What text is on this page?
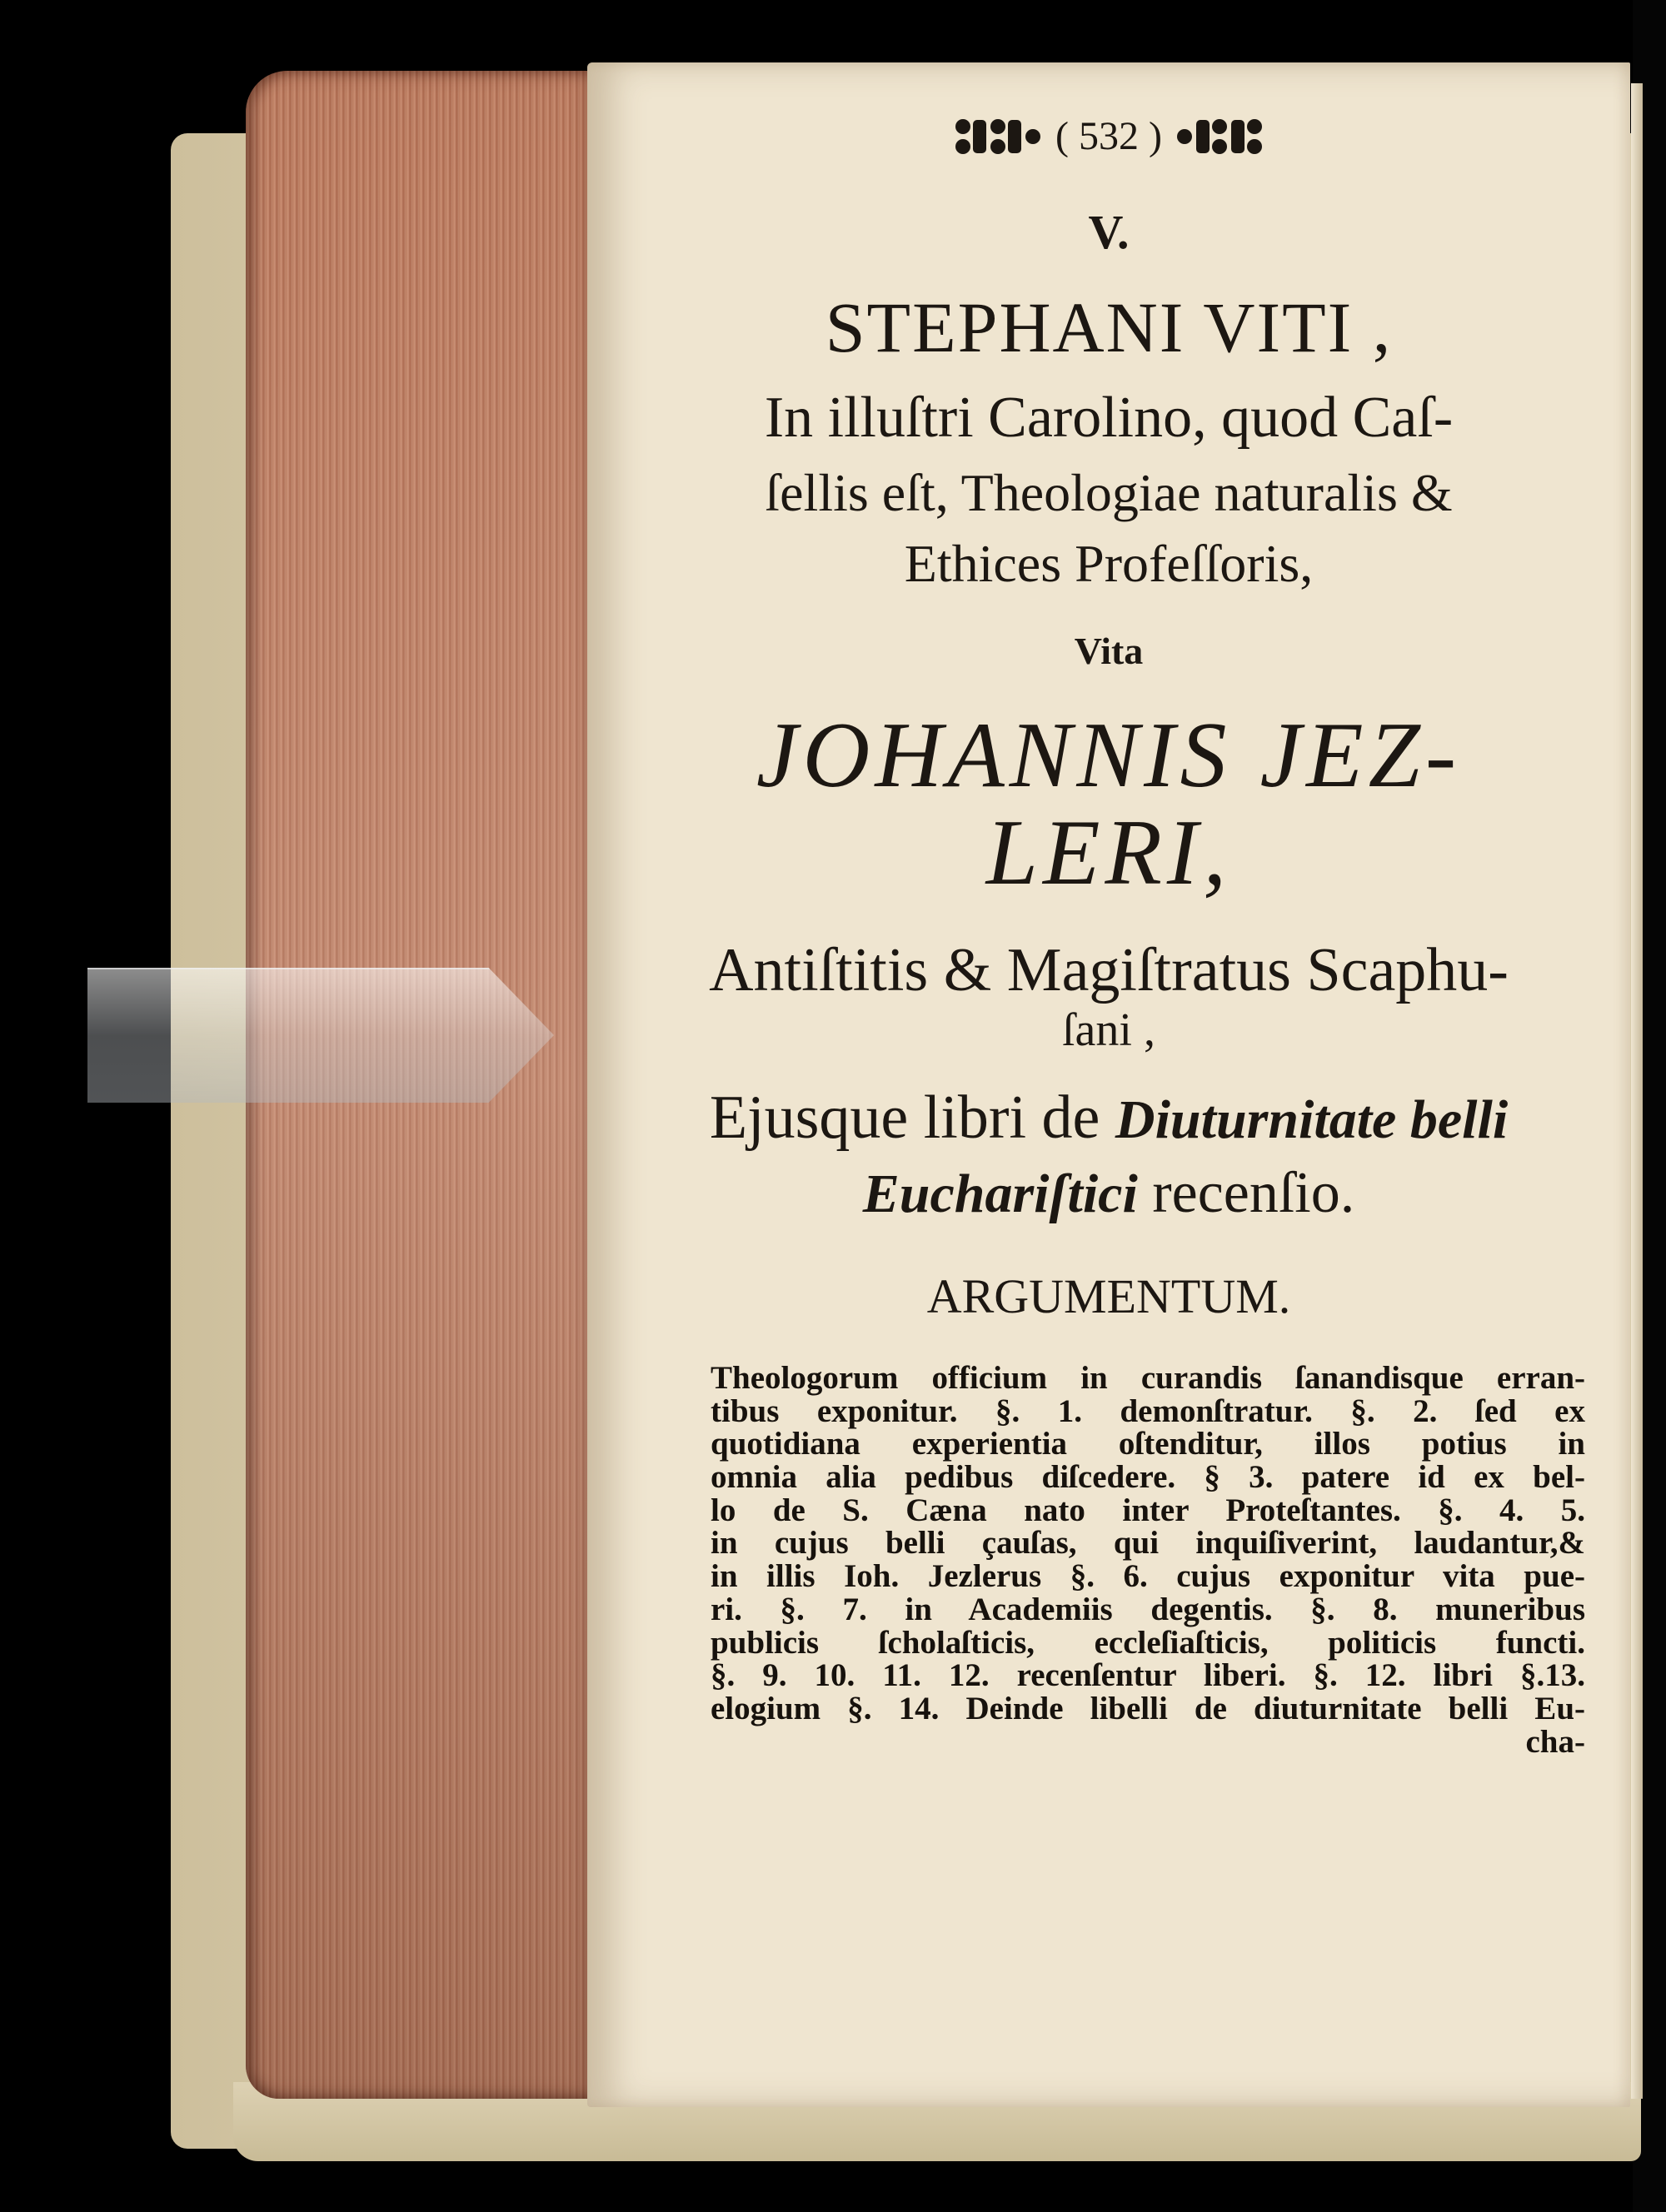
( 532 )
V.
STEPHANI VITI ,
In illuſtri Carolino, quod Caſ-
ſellis eſt, Theologiae naturalis &
Ethices Profeſſoris,
Vita
JOHANNIS JEZ-
LERI,
Antiſtitis & Magiſtratus Scaphu-
ſani ,
Ejusque libri de Diuturnitate belli
Euchariſtici recenſio.
ARGUMENTUM.
Theologorum officium in curandis ſanandisque erran-
tibus exponitur. §. 1. demonſtratur. §. 2. ſed ex
quotidiana experientia oſtenditur, illos potius in
omnia alia pedibus diſcedere. § 3. patere id ex bel-
lo de S. Cæna nato inter Proteſtantes. §. 4. 5.
in cujus belli çauſas, qui inquiſiverint, laudantur,&
in illis Ioh. Jezlerus §. 6. cujus exponitur vita pue-
ri. §. 7. in Academiis degentis. §. 8. muneribus
publicis ſcholaſticis, eccleſiaſticis, politicis functi.
§. 9. 10. 11. 12. recenſentur liberi. §. 12. libri §.13.
elogium §. 14. Deinde libelli de diuturnitate belli Eu-
cha-
